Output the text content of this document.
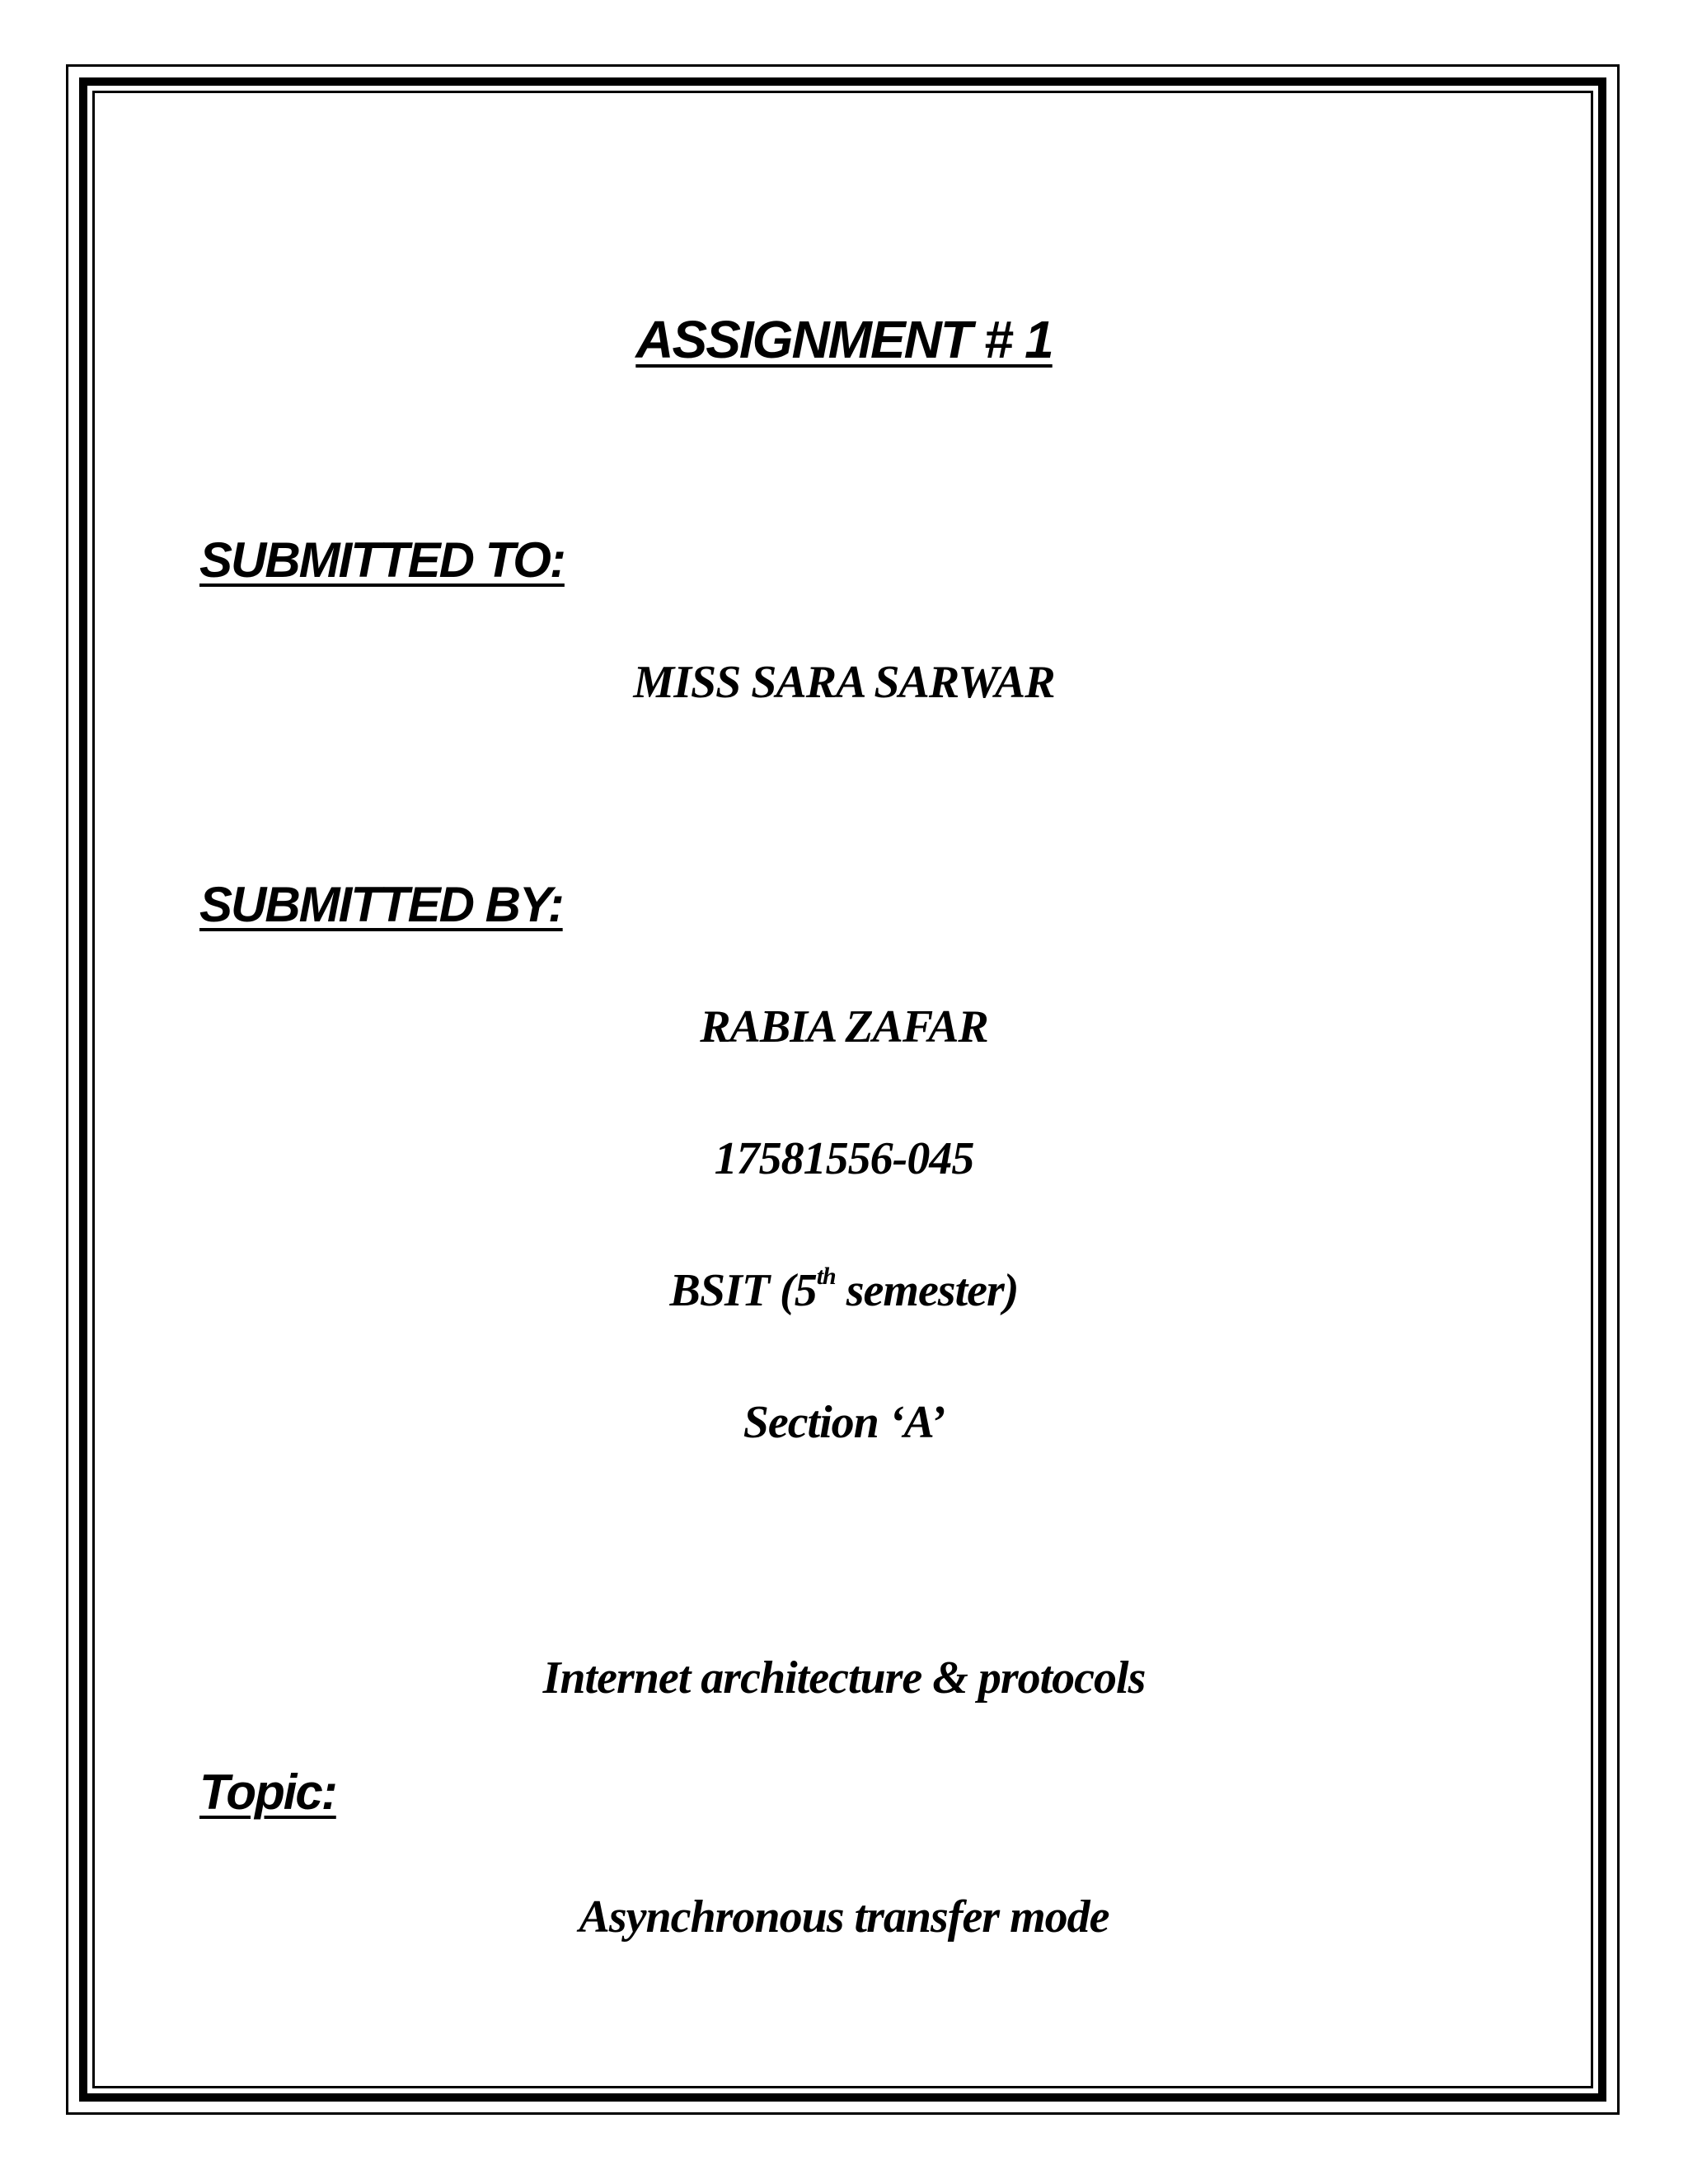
ASSIGNMENT # 1
SUBMITTED TO:
MISS SARA SARWAR
SUBMITTED BY:
RABIA ZAFAR
17581556-045
BSIT (5th semester)
Section ‘A’
Internet architecture & protocols
Topic:
Asynchronous transfer mode
